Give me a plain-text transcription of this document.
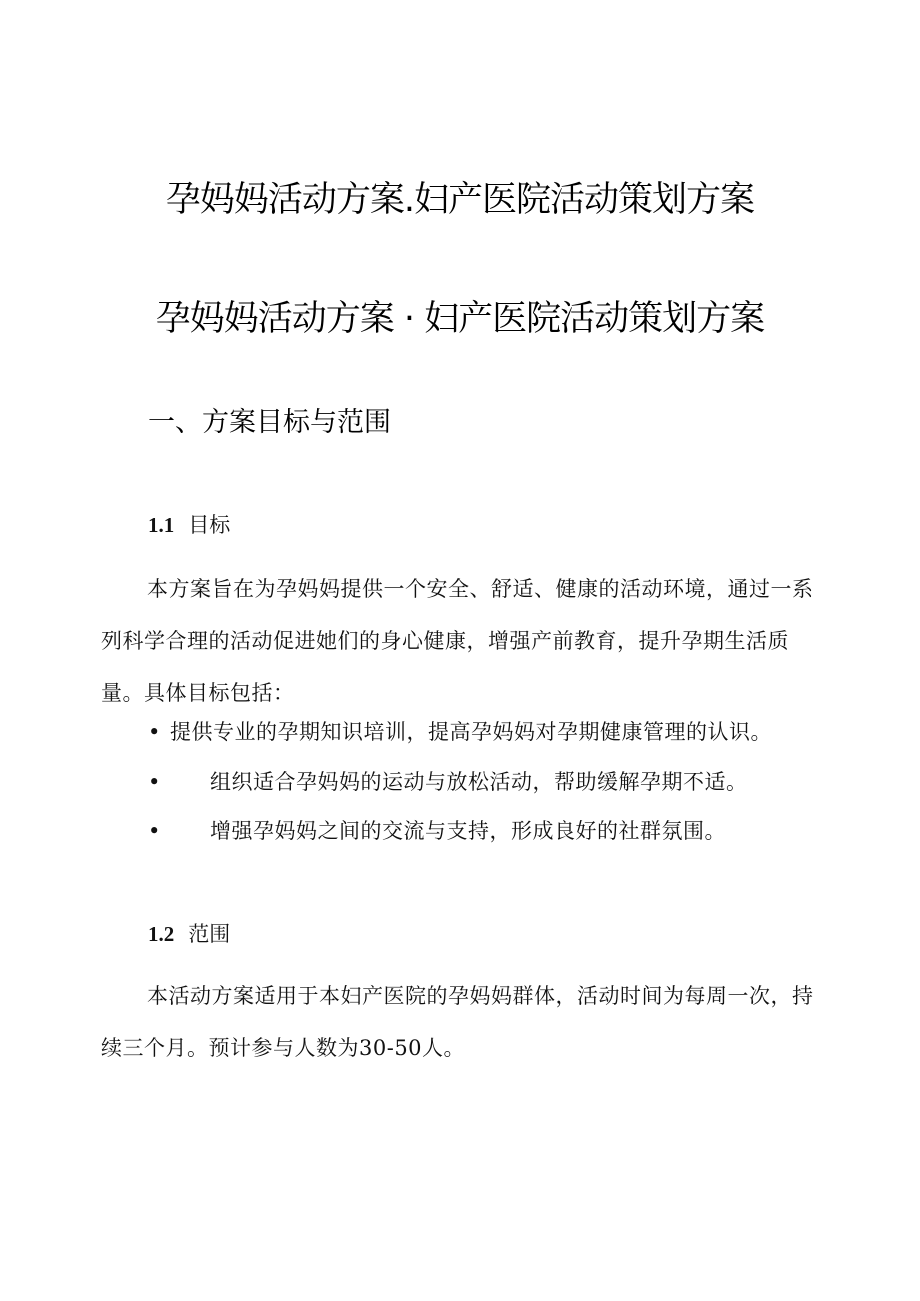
孕妈妈活动方案.妇产医院活动策划方案
孕妈妈活动方案 · 妇产医院活动策划方案
一、方案目标与范围
1.1 目标

本方案旨在为孕妈妈提供一个安全、舒适、健康的活动环境，通过一系列科学合理的活动促进她们的身心健康，增强产前教育，提升孕期生活质量。具体目标包括：

• 提供专业的孕期知识培训，提高孕妈妈对孕期健康管理的认识。
• 组织适合孕妈妈的运动与放松活动，帮助缓解孕期不适。
• 增强孕妈妈之间的交流与支持，形成良好的社群氛围。
1.2 范围

本活动方案适用于本妇产医院的孕妈妈群体，活动时间为每周一次，持续三个月。预计参与人数为30-50人。
